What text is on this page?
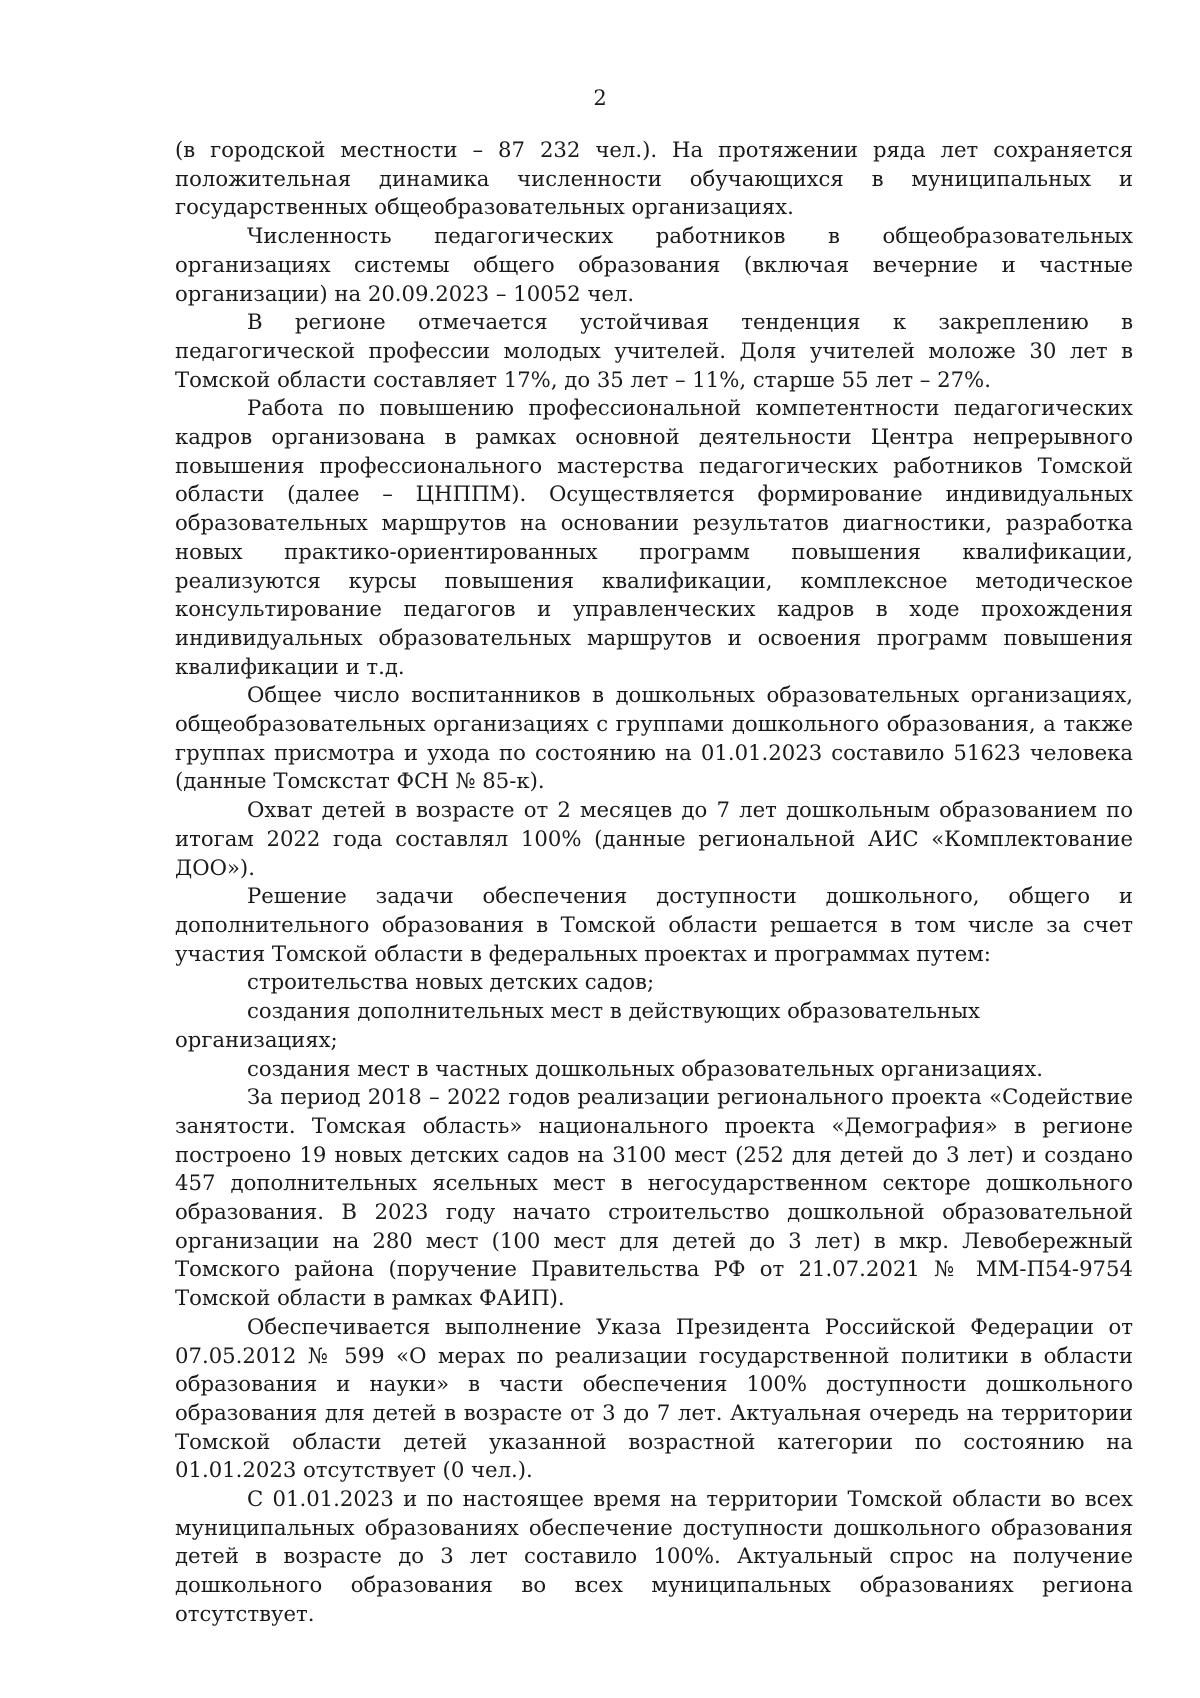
2

(в городской местности – 87 232 чел.). На протяжении ряда лет сохраняется положительная динамика численности обучающихся в муниципальных и государственных общеобразовательных организациях.

Численность педагогических работников в общеобразовательных организациях системы общего образования (включая вечерние и частные организации) на 20.09.2023 – 10052 чел.

В регионе отмечается устойчивая тенденция к закреплению в педагогической профессии молодых учителей. Доля учителей моложе 30 лет в Томской области составляет 17%, до 35 лет – 11%, старше 55 лет – 27%.

Работа по повышению профессиональной компетентности педагогических кадров организована в рамках основной деятельности Центра непрерывного повышения профессионального мастерства педагогических работников Томской области (далее – ЦНППМ). Осуществляется формирование индивидуальных образовательных маршрутов на основании результатов диагностики, разработка новых практико-ориентированных программ повышения квалификации, реализуются курсы повышения квалификации, комплексное методическое консультирование педагогов и управленческих кадров в ходе прохождения индивидуальных образовательных маршрутов и освоения программ повышения квалификации и т.д.

Общее число воспитанников в дошкольных образовательных организациях, общеобразовательных организациях с группами дошкольного образования, а также группах присмотра и ухода по состоянию на 01.01.2023 составило 51623 человека (данные Томскстат ФСН № 85-к).

Охват детей в возрасте от 2 месяцев до 7 лет дошкольным образованием по итогам 2022 года составлял 100% (данные региональной АИС «Комплектование ДОО»).

Решение задачи обеспечения доступности дошкольного, общего и дополнительного образования в Томской области решается в том числе за счет участия Томской области в федеральных проектах и программах путем:

строительства новых детских садов;

создания дополнительных мест в действующих образовательных организациях;

создания мест в частных дошкольных образовательных организациях.

За период 2018 – 2022 годов реализации регионального проекта «Содействие занятости. Томская область» национального проекта «Демография» в регионе построено 19 новых детских садов на 3100 мест (252 для детей до 3 лет) и создано 457 дополнительных ясельных мест в негосударственном секторе дошкольного образования. В 2023 году начато строительство дошкольной образовательной организации на 280 мест (100 мест для детей до 3 лет) в мкр. Левобережный Томского района (поручение Правительства РФ от 21.07.2021 № ММ-П54-9754 Томской области в рамках ФАИП).

Обеспечивается выполнение Указа Президента Российской Федерации от 07.05.2012 № 599 «О мерах по реализации государственной политики в области образования и науки» в части обеспечения 100% доступности дошкольного образования для детей в возрасте от 3 до 7 лет. Актуальная очередь на территории Томской области детей указанной возрастной категории по состоянию на 01.01.2023 отсутствует (0 чел.).

С 01.01.2023 и по настоящее время на территории Томской области во всех муниципальных образованиях обеспечение доступности дошкольного образования детей в возрасте до 3 лет составило 100%. Актуальный спрос на получение дошкольного образования во всех муниципальных образованиях региона отсутствует.
